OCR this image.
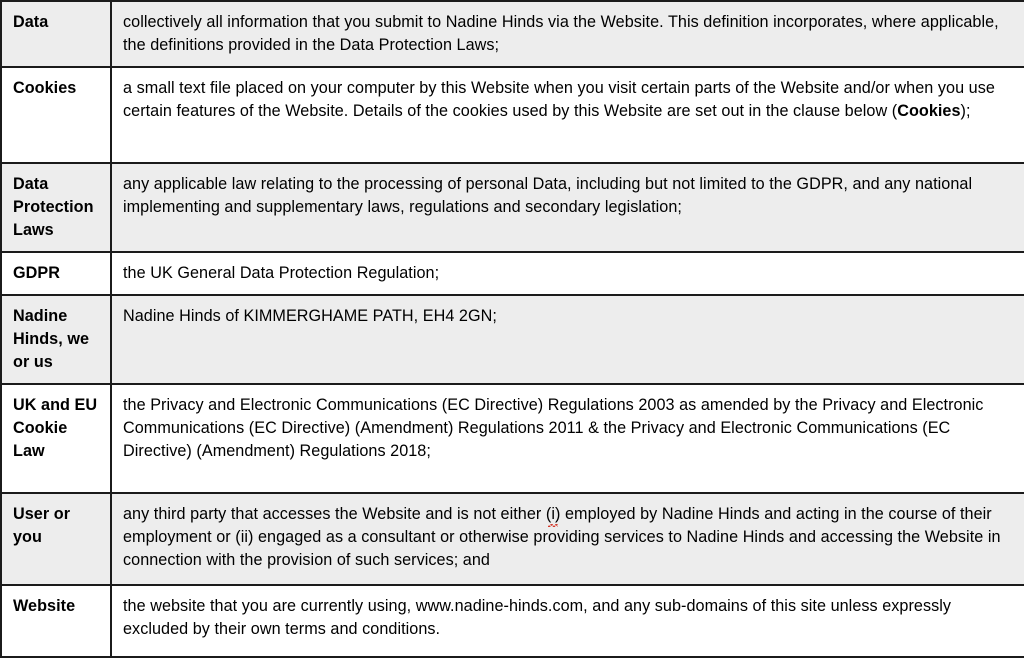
Data	collectively all information that you submit to Nadine Hinds via the Website. This definition incorporates, where applicable, the definitions provided in the Data Protection Laws;
Cookies	a small text file placed on your computer by this Website when you visit certain parts of the Website and/or when you use certain features of the Website. Details of the cookies used by this Website are set out in the clause below (Cookies);
Data Protection Laws	any applicable law relating to the processing of personal Data, including but not limited to the GDPR, and any national implementing and supplementary laws, regulations and secondary legislation;
GDPR	the UK General Data Protection Regulation;
Nadine Hinds, we or us	Nadine Hinds of KIMMERGHAME PATH, EH4 2GN;
UK and EU Cookie Law	the Privacy and Electronic Communications (EC Directive) Regulations 2003 as amended by the Privacy and Electronic Communications (EC Directive) (Amendment) Regulations 2011 & the Privacy and Electronic Communications (EC Directive) (Amendment) Regulations 2018;
User or you	any third party that accesses the Website and is not either (i) employed by Nadine Hinds and acting in the course of their employment or (ii) engaged as a consultant or otherwise providing services to Nadine Hinds and accessing the Website in connection with the provision of such services; and
Website	the website that you are currently using, www.nadine-hinds.com, and any sub-domains of this site unless expressly excluded by their own terms and conditions.
